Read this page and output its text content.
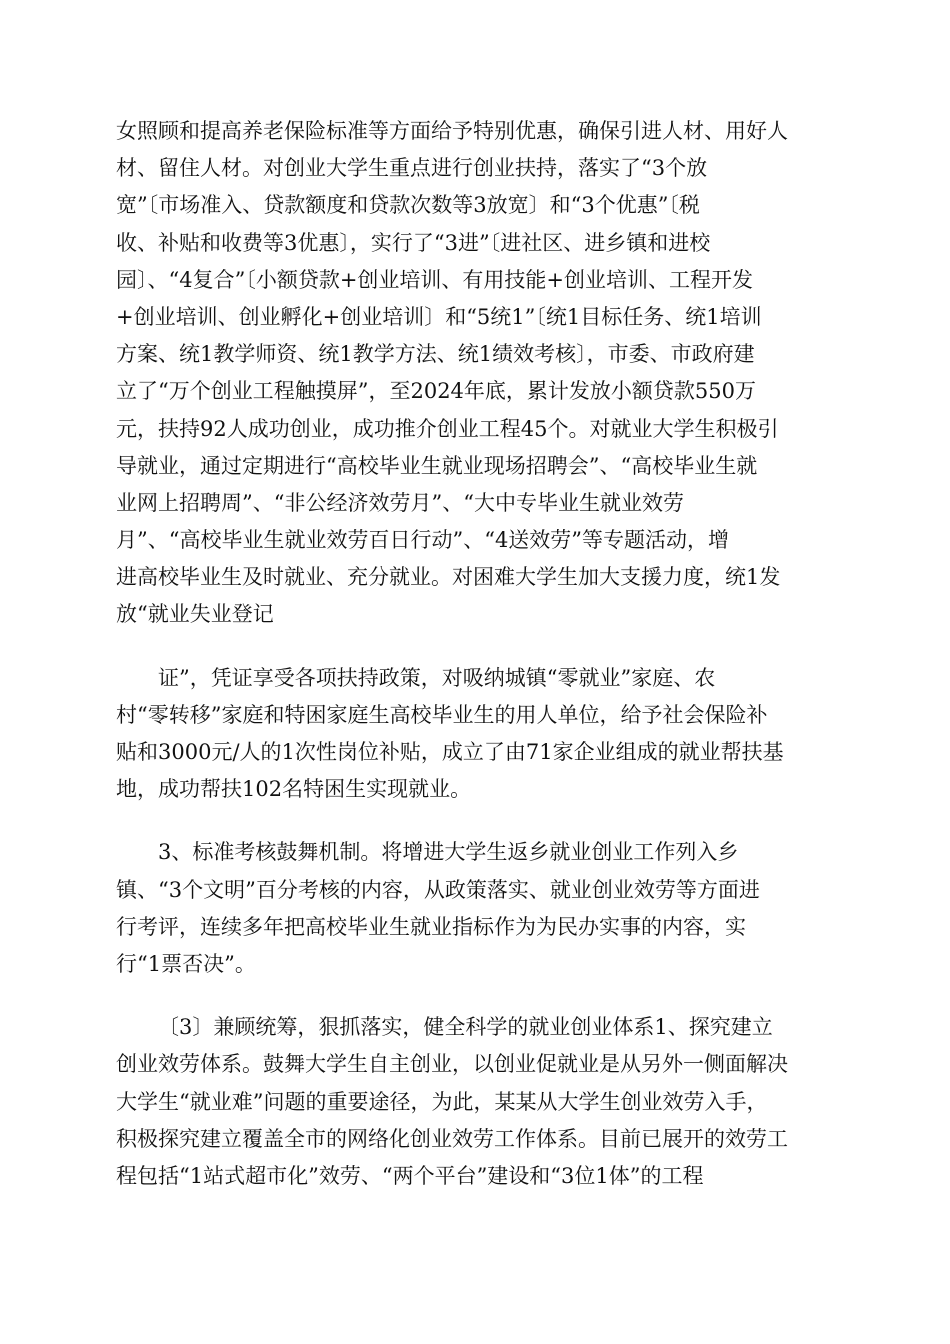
女照顾和提高养老保险标准等方面给予特别优惠，确保引进人材、用好人
材、留住人材。对创业大学生重点进行创业扶持，落实了“3个放
宽”〔市场准入、贷款额度和贷款次数等3放宽〕和“3个优惠”〔税
收、补贴和收费等3优惠〕，实行了“3进”〔进社区、进乡镇和进校
园〕、“4复合”〔小额贷款+创业培训、有用技能+创业培训、工程开发
+创业培训、创业孵化+创业培训〕和“5统1”〔统1目标任务、统1培训
方案、统1教学师资、统1教学方法、统1绩效考核〕，市委、市政府建
立了“万个创业工程触摸屏”，至2024年底，累计发放小额贷款550万
元，扶持92人成功创业，成功推介创业工程45个。对就业大学生积极引
导就业，通过定期进行“高校毕业生就业现场招聘会”、“高校毕业生就
业网上招聘周”、“非公经济效劳月”、“大中专毕业生就业效劳
月”、“高校毕业生就业效劳百日行动”、“4送效劳”等专题活动，增
进高校毕业生及时就业、充分就业。对困难大学生加大支援力度，统1发
放“就业失业登记
证”，凭证享受各项扶持政策，对吸纳城镇“零就业”家庭、农
村“零转移”家庭和特困家庭生高校毕业生的用人单位，给予社会保险补
贴和3000元/人的1次性岗位补贴，成立了由71家企业组成的就业帮扶基
地，成功帮扶102名特困生实现就业。
3、标准考核鼓舞机制。将增进大学生返乡就业创业工作列入乡
镇、“3个文明”百分考核的内容，从政策落实、就业创业效劳等方面进
行考评，连续多年把高校毕业生就业指标作为为民办实事的内容，实
行“1票否决”。
〔3〕兼顾统筹，狠抓落实，健全科学的就业创业体系1、探究建立
创业效劳体系。鼓舞大学生自主创业，以创业促就业是从另外一侧面解决
大学生“就业难”问题的重要途径，为此，某某从大学生创业效劳入手，
积极探究建立覆盖全市的网络化创业效劳工作体系。目前已展开的效劳工
程包括“1站式超市化”效劳、“两个平台”建设和“3位1体”的工程
